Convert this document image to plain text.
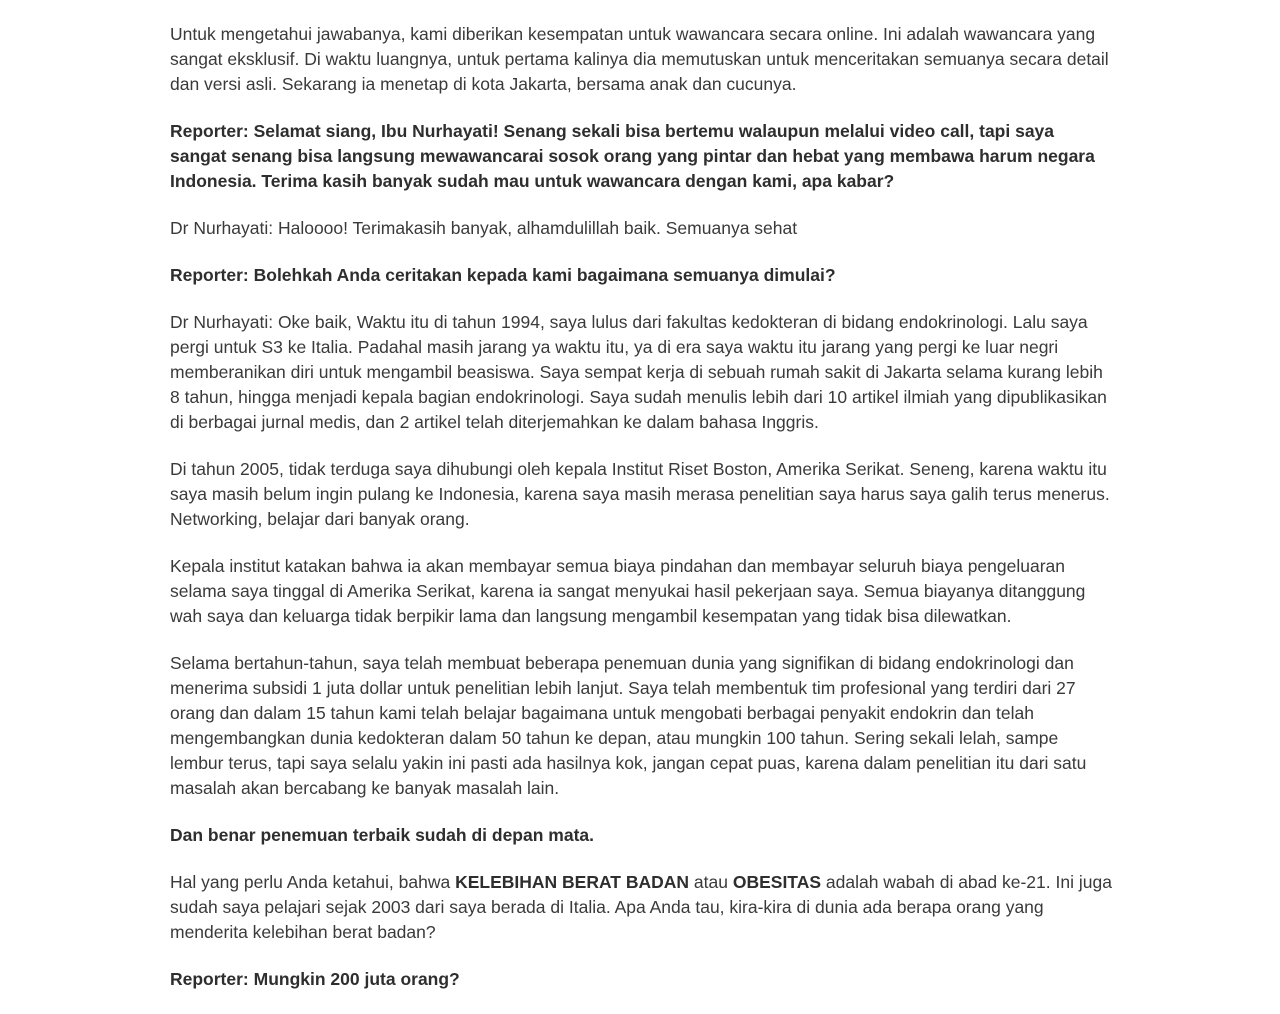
Untuk mengetahui jawabanya, kami diberikan kesempatan untuk wawancara secara online. Ini adalah wawancara yang sangat eksklusif. Di waktu luangnya, untuk pertama kalinya dia memutuskan untuk menceritakan semuanya secara detail dan versi asli. Sekarang ia menetap di kota Jakarta, bersama anak dan cucunya.

Reporter: Selamat siang, Ibu Nurhayati! Senang sekali bisa bertemu walaupun melalui video call, tapi saya sangat senang bisa langsung mewawancarai sosok orang yang pintar dan hebat yang membawa harum negara Indonesia. Terima kasih banyak sudah mau untuk wawancara dengan kami, apa kabar?

Dr Nurhayati: Haloooo! Terimakasih banyak, alhamdulillah baik. Semuanya sehat

Reporter: Bolehkah Anda ceritakan kepada kami bagaimana semuanya dimulai?

Dr Nurhayati: Oke baik, Waktu itu di tahun 1994, saya lulus dari fakultas kedokteran di bidang endokrinologi. Lalu saya pergi untuk S3 ke Italia. Padahal masih jarang ya waktu itu, ya di era saya waktu itu jarang yang pergi ke luar negri memberanikan diri untuk mengambil beasiswa. Saya sempat kerja di sebuah rumah sakit di Jakarta selama kurang lebih 8 tahun, hingga menjadi kepala bagian endokrinologi. Saya sudah menulis lebih dari 10 artikel ilmiah yang dipublikasikan di berbagai jurnal medis, dan 2 artikel telah diterjemahkan ke dalam bahasa Inggris.

Di tahun 2005, tidak terduga saya dihubungi oleh kepala Institut Riset Boston, Amerika Serikat. Seneng, karena waktu itu saya masih belum ingin pulang ke Indonesia, karena saya masih merasa penelitian saya harus saya galih terus menerus. Networking, belajar dari banyak orang.

Kepala institut katakan bahwa ia akan membayar semua biaya pindahan dan membayar seluruh biaya pengeluaran selama saya tinggal di Amerika Serikat, karena ia sangat menyukai hasil pekerjaan saya. Semua biayanya ditanggung wah saya dan keluarga tidak berpikir lama dan langsung mengambil kesempatan yang tidak bisa dilewatkan.

Selama bertahun-tahun, saya telah membuat beberapa penemuan dunia yang signifikan di bidang endokrinologi dan menerima subsidi 1 juta dollar untuk penelitian lebih lanjut. Saya telah membentuk tim profesional yang terdiri dari 27 orang dan dalam 15 tahun kami telah belajar bagaimana untuk mengobati berbagai penyakit endokrin dan telah mengembangkan dunia kedokteran dalam 50 tahun ke depan, atau mungkin 100 tahun. Sering sekali lelah, sampe lembur terus, tapi saya selalu yakin ini pasti ada hasilnya kok, jangan cepat puas, karena dalam penelitian itu dari satu masalah akan bercabang ke banyak masalah lain.

Dan benar penemuan terbaik sudah di depan mata.

Hal yang perlu Anda ketahui, bahwa KELEBIHAN BERAT BADAN atau OBESITAS adalah wabah di abad ke-21. Ini juga sudah saya pelajari sejak 2003 dari saya berada di Italia. Apa Anda tau, kira-kira di dunia ada berapa orang yang menderita kelebihan berat badan?

Reporter: Mungkin 200 juta orang?
